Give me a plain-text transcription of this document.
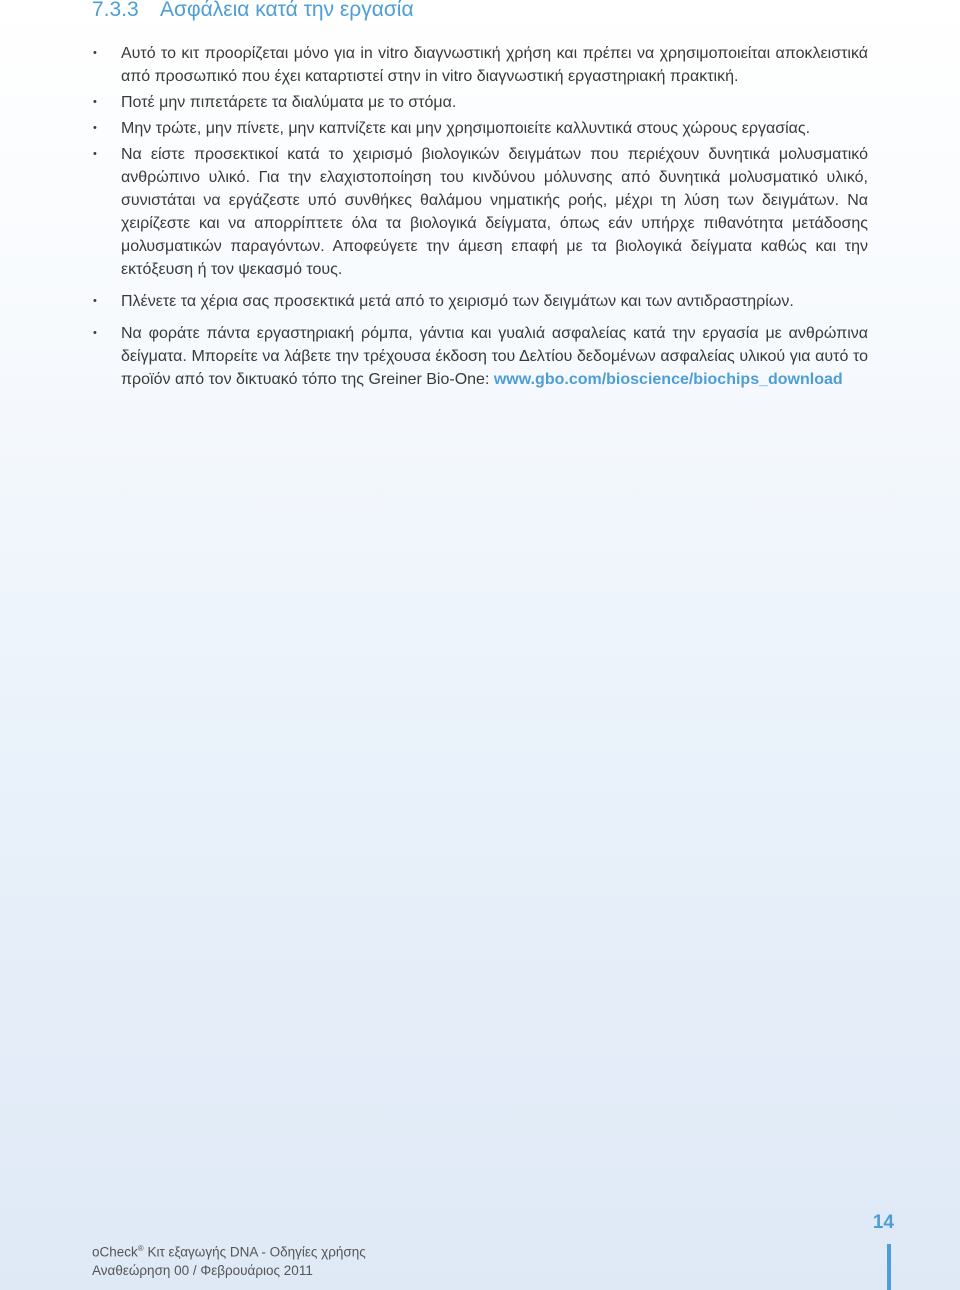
7.3.3 Ασφάλεια κατά την εργασία
• Αυτό το κιτ προορίζεται μόνο για in vitro διαγνωστική χρήση και πρέπει να χρησιμοποιείται αποκλειστικά από προσωπικό που έχει καταρτιστεί στην in vitro διαγνωστική εργαστηριακή πρακτική.
• Ποτέ μην πιπετάρετε τα διαλύματα με το στόμα.
• Μην τρώτε, μην πίνετε, μην καπνίζετε και μην χρησιμοποιείτε καλλυντικά στους χώρους εργασίας.
• Να είστε προσεκτικοί κατά το χειρισμό βιολογικών δειγμάτων που περιέχουν δυνητικά μολυσματικό ανθρώπινο υλικό. Για την ελαχιστοποίηση του κινδύνου μόλυνσης από δυνητικά μολυσματικό υλικό, συνιστάται να εργάζεστε υπό συνθήκες θαλάμου νηματικής ροής, μέχρι τη λύση των δειγμάτων. Να χειρίζεστε και να απορρίπτετε όλα τα βιολογικά δείγματα, όπως εάν υπήρχε πιθανότητα μετάδοσης μολυσματικών παραγόντων. Αποφεύγετε την άμεση επαφή με τα βιολογικά δείγματα καθώς και την εκτόξευση ή τον ψεκασμό τους.
• Πλένετε τα χέρια σας προσεκτικά μετά από το χειρισμό των δειγμάτων και των αντιδραστηρίων.
• Να φοράτε πάντα εργαστηριακή ρόμπα, γάντια και γυαλιά ασφαλείας κατά την εργασία με ανθρώπινα δείγματα. Μπορείτε να λάβετε την τρέχουσα έκδοση του Δελτίου δεδομένων ασφαλείας υλικού για αυτό το προϊόν από τον δικτυακό τόπο της Greiner Bio-One: www.gbo.com/bioscience/biochips_download
oCheck® Κιτ εξαγωγής DNA - Οδηγίες χρήσης
Αναθεώρηση 00 / Φεβρουάριος 2011
14
